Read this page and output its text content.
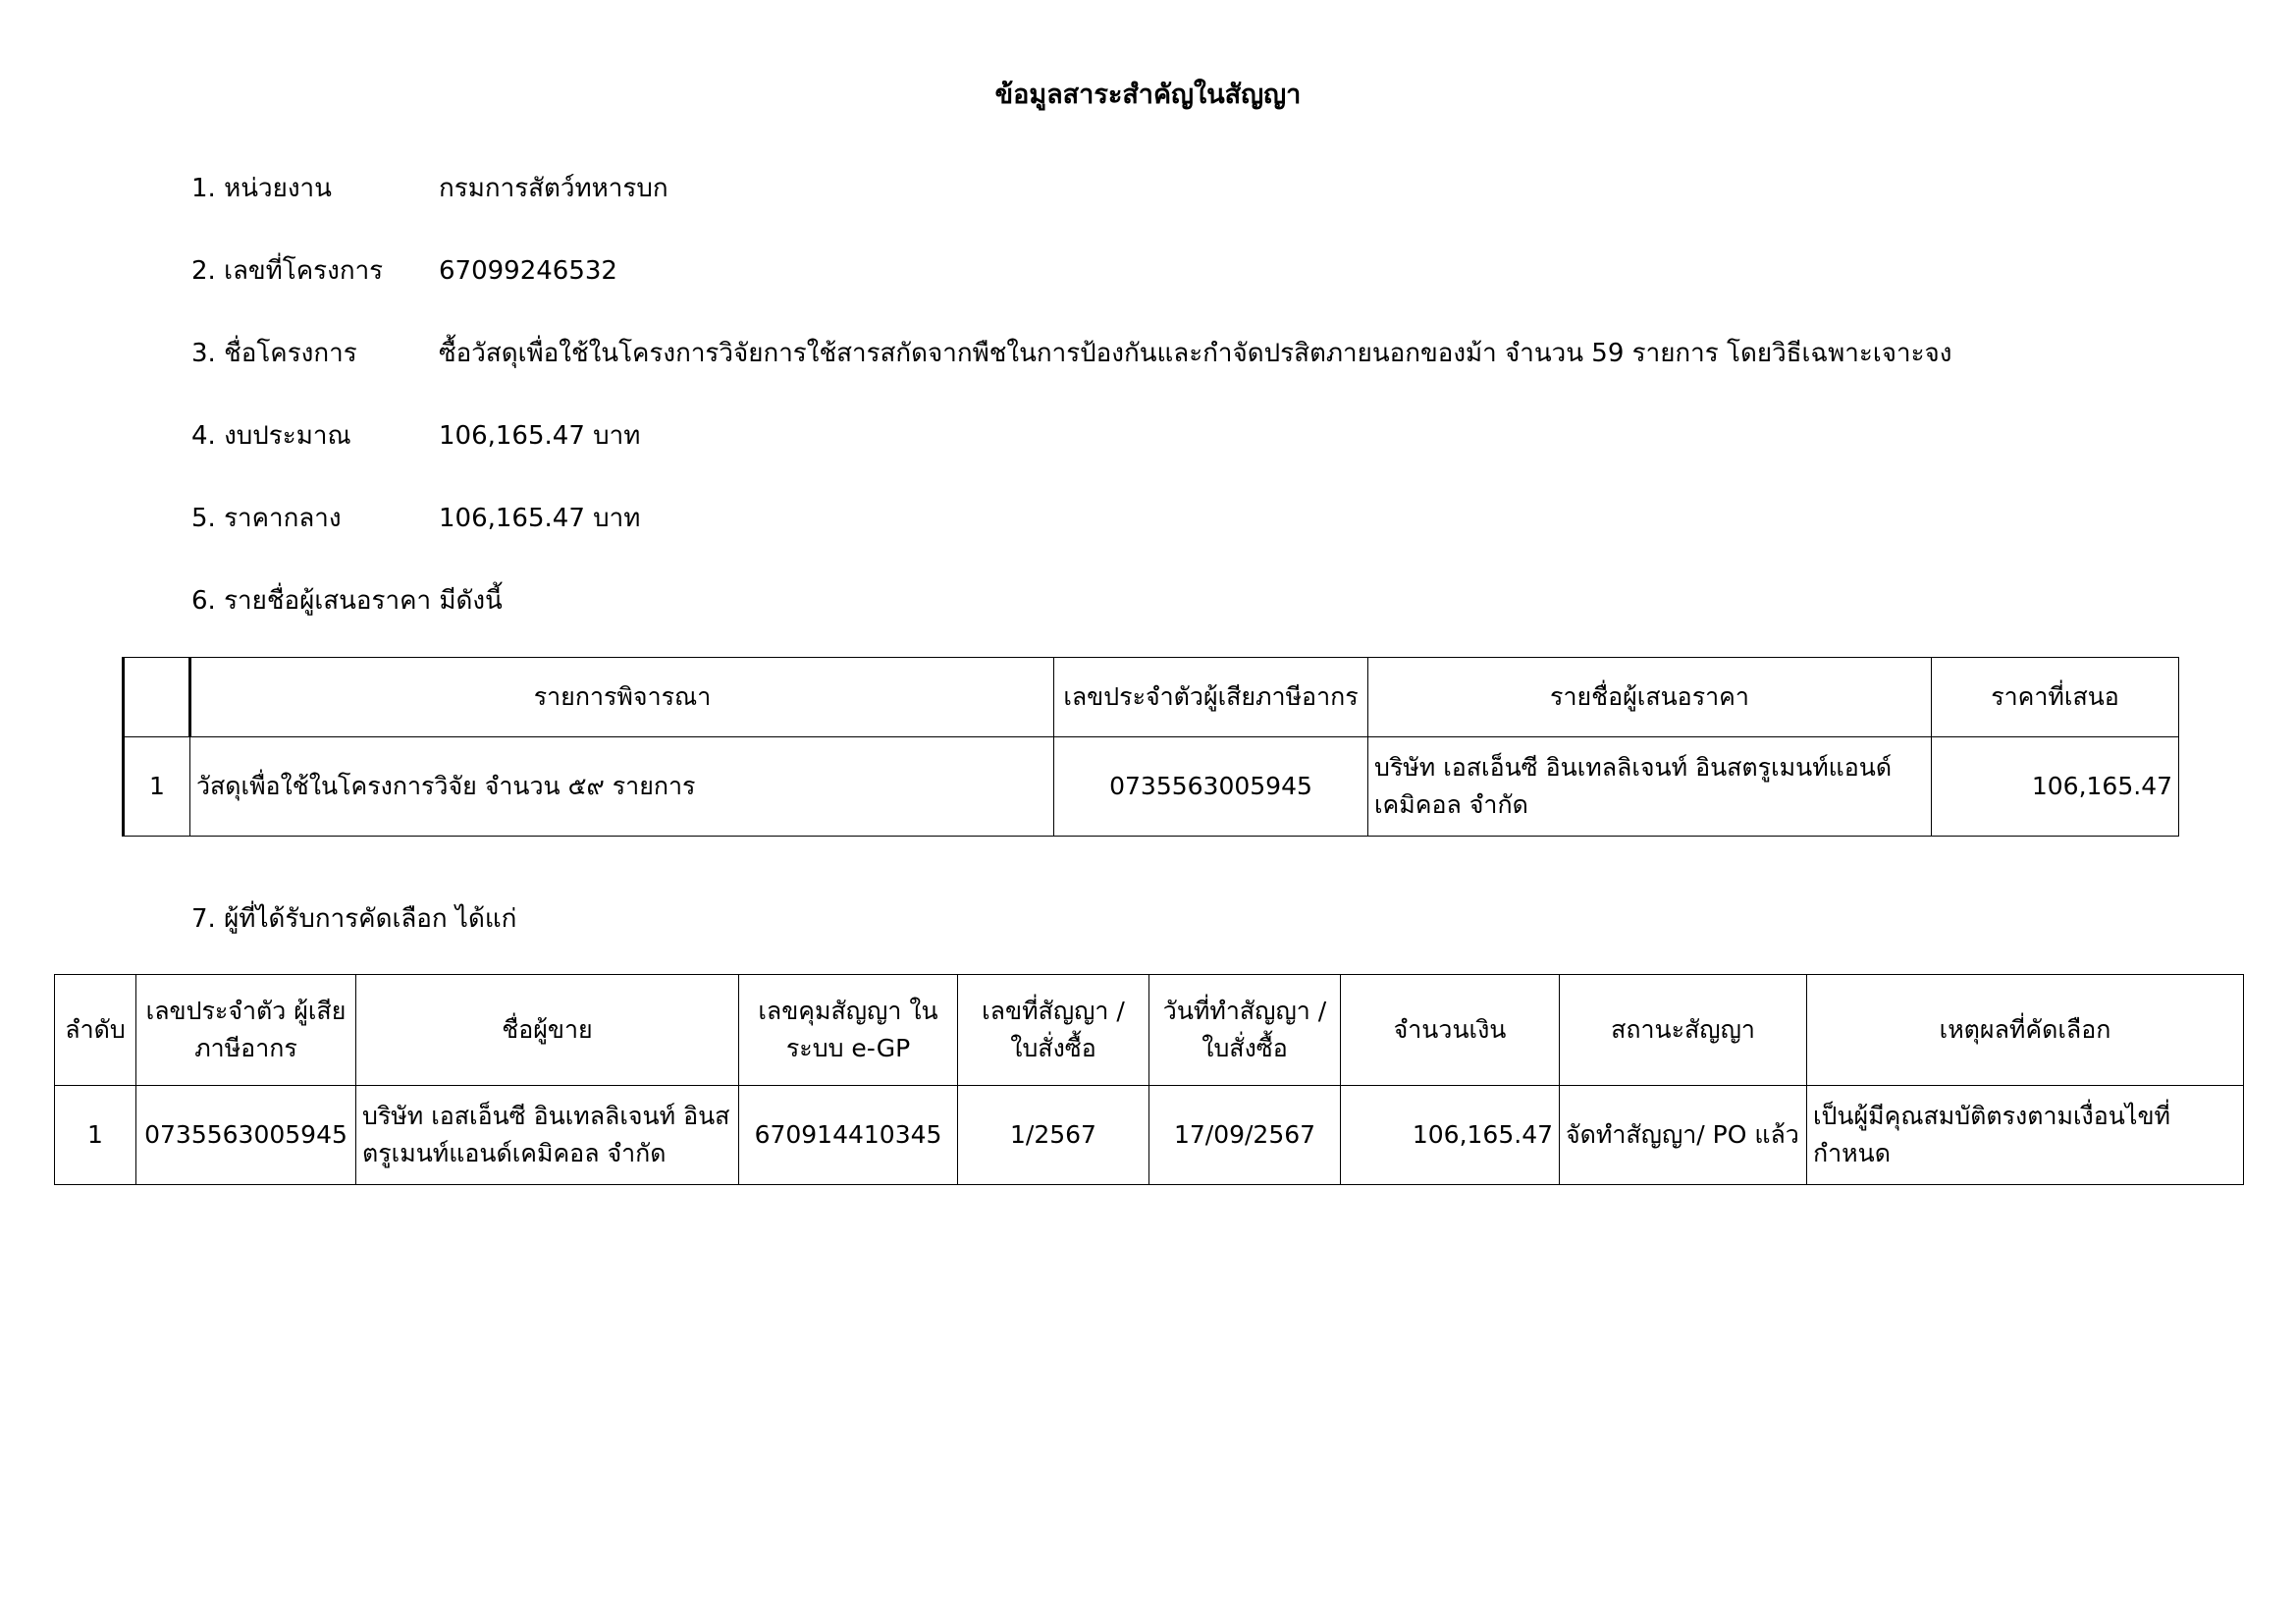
ข้อมูลสาระสำคัญในสัญญา
1. หน่วยงาน	กรมการสัตว์ทหารบก
2. เลขที่โครงการ	67099246532
3. ชื่อโครงการ	ซื้อวัสดุเพื่อใช้ในโครงการวิจัยการใช้สารสกัดจากพืชในการป้องกันและกำจัดปรสิตภายนอกของม้า จำนวน 59 รายการ โดยวิธีเฉพาะเจาะจง
4. งบประมาณ	106,165.47 บาท
5. ราคากลาง	106,165.47 บาท
6. รายชื่อผู้เสนอราคา มีดังนี้
	รายการพิจารณา	เลขประจำตัวผู้เสียภาษีอากร	รายชื่อผู้เสนอราคา	ราคาที่เสนอ
1	วัสดุเพื่อใช้ในโครงการวิจัย จำนวน ๕๙ รายการ	0735563005945	บริษัท เอสเอ็นซี อินเทลลิเจนท์ อินสตรูเมนท์แอนด์เคมิคอล จำกัด	106,165.47
7. ผู้ที่ได้รับการคัดเลือก ได้แก่
ลำดับ	เลขประจำตัว ผู้เสียภาษีอากร	ชื่อผู้ขาย	เลขคุมสัญญา ในระบบ e-GP	เลขที่สัญญา / ใบสั่งซื้อ	วันที่ทำสัญญา / ใบสั่งซื้อ	จำนวนเงิน	สถานะสัญญา	เหตุผลที่คัดเลือก
1	0735563005945	บริษัท เอสเอ็นซี อินเทลลิเจนท์ อินสตรูเมนท์แอนด์เคมิคอล จำกัด	670914410345	1/2567	17/09/2567	106,165.47	จัดทำสัญญา/ PO แล้ว	เป็นผู้มีคุณสมบัติตรงตามเงื่อนไขที่กำหนด
